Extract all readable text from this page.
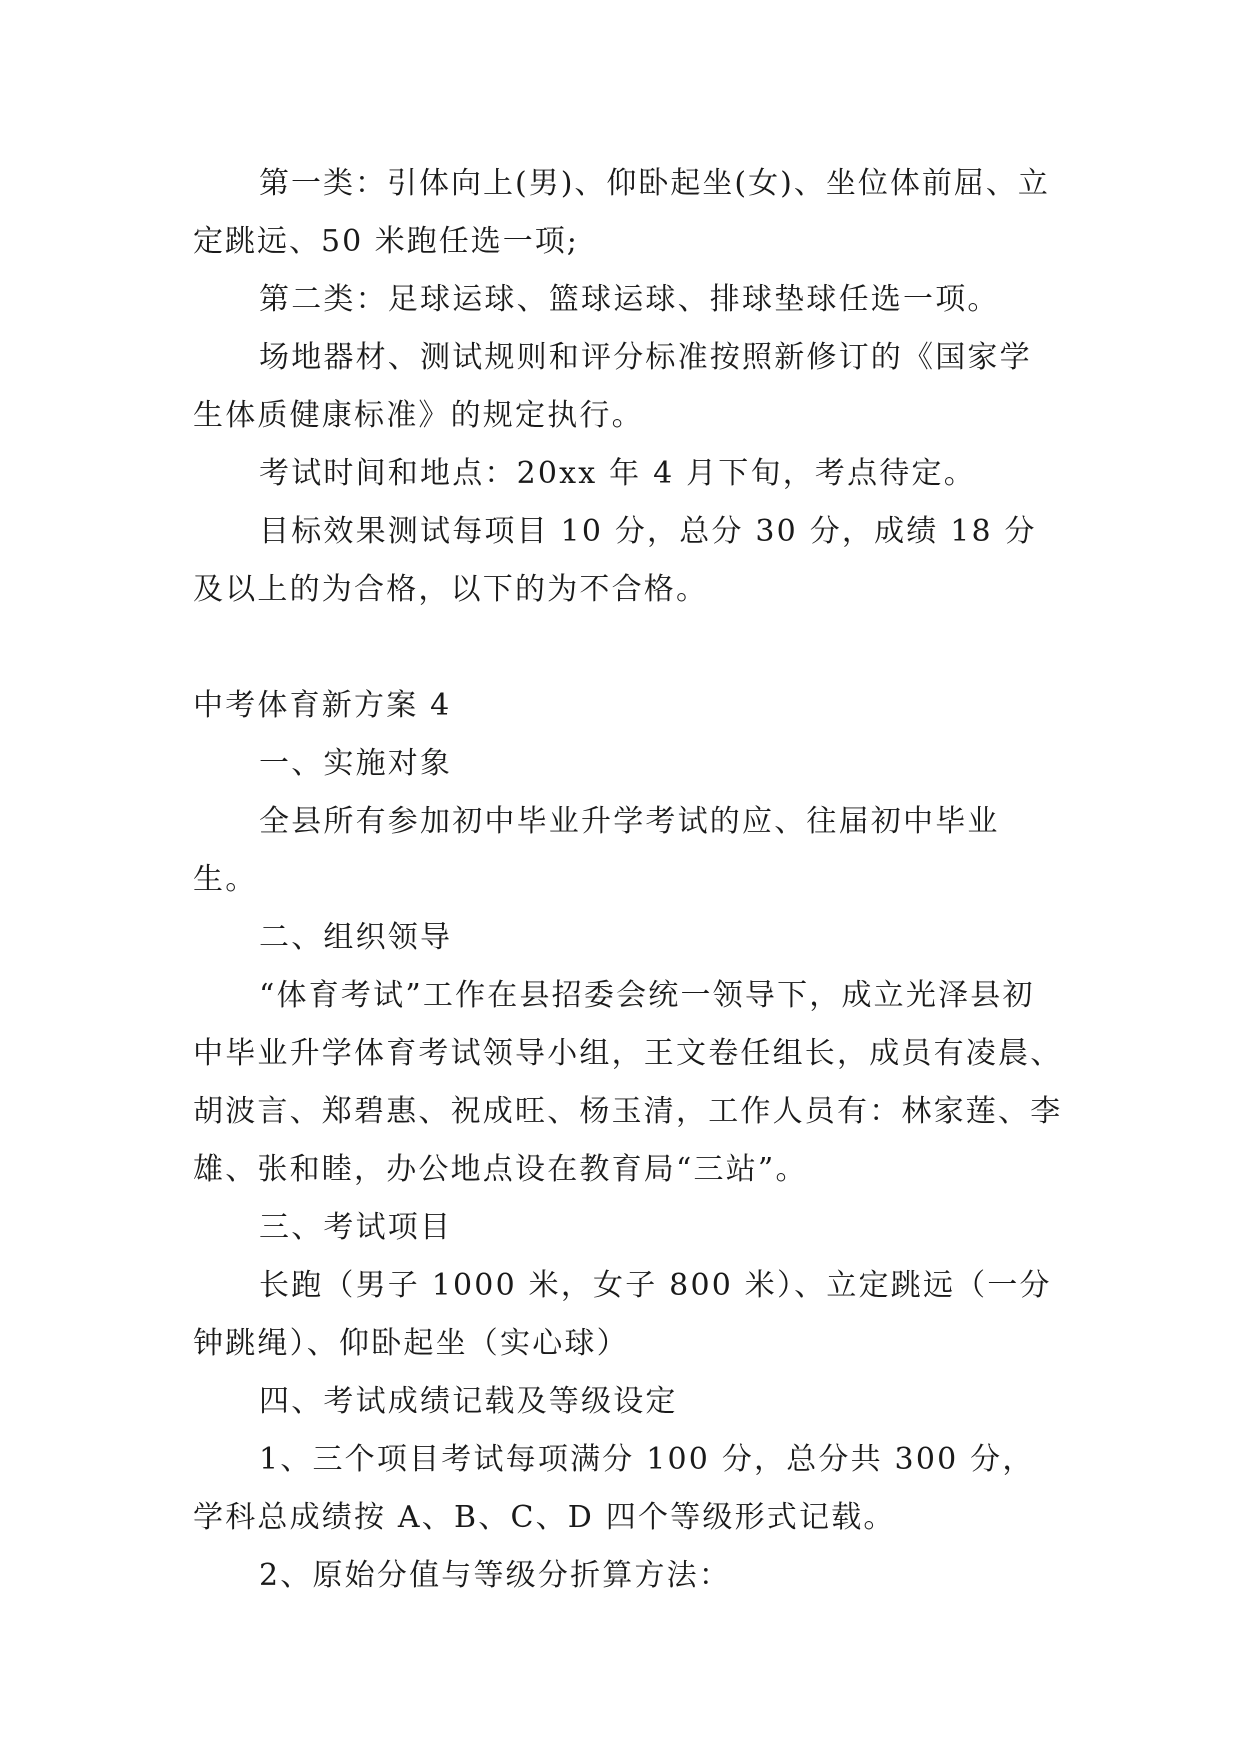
第一类：引体向上(男)、仰卧起坐(女)、坐位体前屈、立定跳远、50 米跑任选一项;

第二类：足球运球、篮球运球、排球垫球任选一项。

场地器材、测试规则和评分标准按照新修订的《国家学生体质健康标准》的规定执行。

考试时间和地点：20xx 年 4 月下旬，考点待定。

目标效果测试每项目 10 分，总分 30 分，成绩 18 分及以上的为合格，以下的为不合格。

中考体育新方案 4

一、实施对象

全县所有参加初中毕业升学考试的应、往届初中毕业生。

二、组织领导

“体育考试”工作在县招委会统一领导下，成立光泽县初中毕业升学体育考试领导小组，王文卷任组长，成员有凌晨、胡波言、郑碧惠、祝成旺、杨玉清，工作人员有：林家莲、李雄、张和睦，办公地点设在教育局“三站”。

三、考试项目

长跑（男子 1000 米，女子 800 米）、立定跳远（一分钟跳绳）、仰卧起坐（实心球）

四、考试成绩记载及等级设定

1、三个项目考试每项满分 100 分，总分共 300 分，学科总成绩按 A、B、C、D 四个等级形式记载。

2、原始分值与等级分折算方法：
